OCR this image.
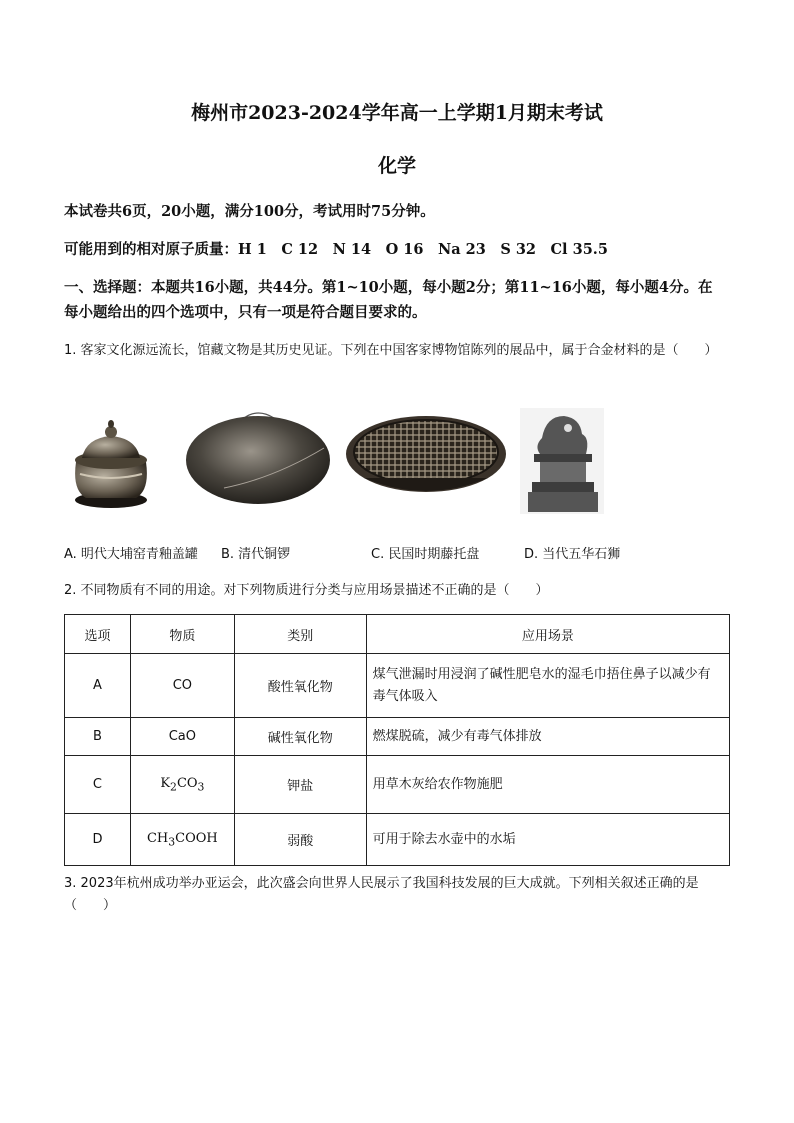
梅州市2023-2024学年高一上学期1月期末考试
化学
本试卷共6页，20小题，满分100分，考试用时75分钟。
可能用到的相对原子质量：H 1　C 12　N 14　O 16　Na 23　S 32　Cl 35.5
一、选择题：本题共16小题，共44分。第1~10小题，每小题2分；第11~16小题，每小题4分。在每小题给出的四个选项中，只有一项是符合题目要求的。
1. 客家文化源远流长，馆藏文物是其历史见证。下列在中国客家博物馆陈列的展品中，属于合金材料的是（　　）
A. 明代大埔窑青釉盖罐 B. 清代铜锣	C. 民国时期藤托盘	D. 当代五华石狮
2. 不同物质有不同的用途。对下列物质进行分类与应用场景描述不正确的是（　　）
选项	物质	类别	应用场景
A	CO	酸性氧化物	煤气泄漏时用浸润了碱性肥皂水的湿毛巾捂住鼻子以减少有毒气体吸入
B	CaO	碱性氧化物	燃煤脱硫，减少有毒气体排放
C	$K_2CO_3$	钾盐	用草木灰给农作物施肥
D	$CH_3COOH$	弱酸	可用于除去水壶中的水垢
3. 2023年杭州成功举办亚运会，此次盛会向世界人民展示了我国科技发展的巨大成就。下列相关叙述正确的是（　　）
